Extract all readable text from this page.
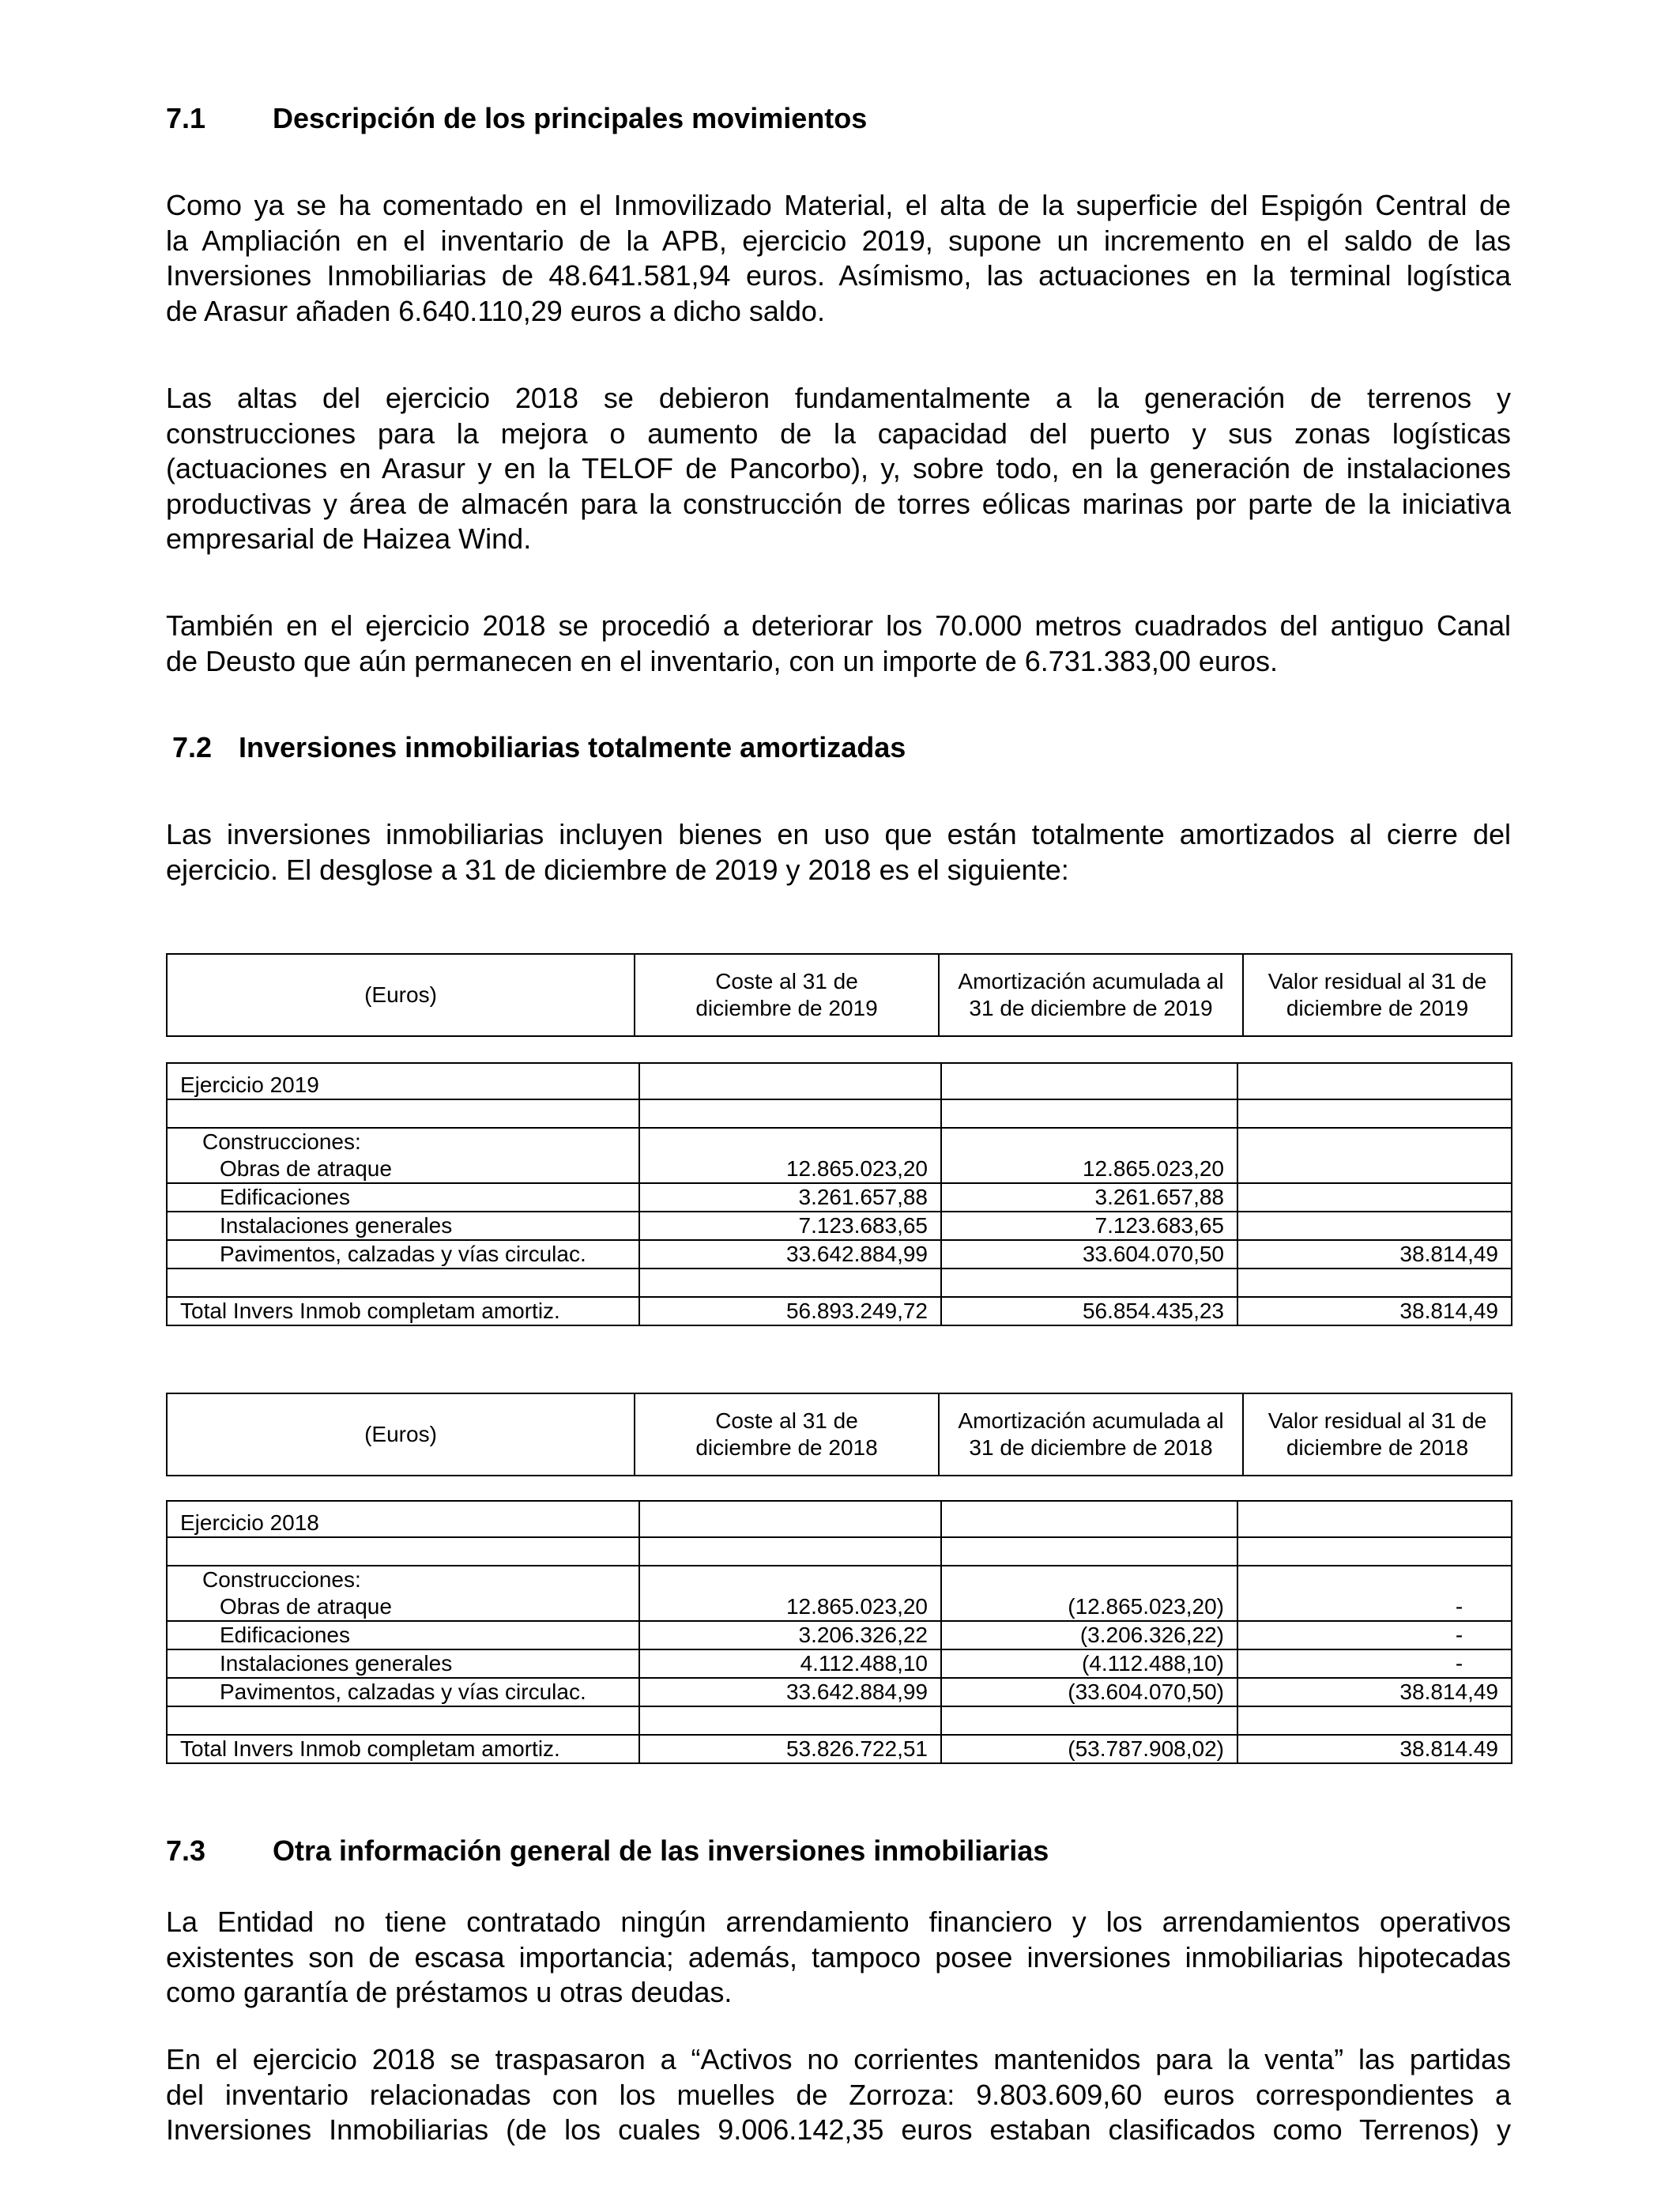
7.1 Descripción de los principales movimientos

Como ya se ha comentado en el Inmovilizado Material, el alta de la superficie del Espigón Central de
la Ampliación en el inventario de la APB, ejercicio 2019, supone un incremento en el saldo de las
Inversiones Inmobiliarias de 48.641.581,94 euros. Asímismo, las actuaciones en la terminal logística
de Arasur añaden 6.640.110,29 euros a dicho saldo.

Las altas del ejercicio 2018 se debieron fundamentalmente a la generación de terrenos y
construcciones para la mejora o aumento de la capacidad del puerto y sus zonas logísticas
(actuaciones en Arasur y en la TELOF de Pancorbo), y, sobre todo, en la generación de instalaciones
productivas y área de almacén para la construcción de torres eólicas marinas por parte de la iniciativa
empresarial de Haizea Wind.

También en el ejercicio 2018 se procedió a deteriorar los 70.000 metros cuadrados del antiguo Canal
de Deusto que aún permanecen en el inventario, con un importe de 6.731.383,00 euros.

7.2 Inversiones inmobiliarias totalmente amortizadas

Las inversiones inmobiliarias incluyen bienes en uso que están totalmente amortizados al cierre del
ejercicio. El desglose a 31 de diciembre de 2019 y 2018 es el siguiente:

(Euros)	Coste al 31 de diciembre de 2019	Amortización acumulada al 31 de diciembre de 2019	Valor residual al 31 de diciembre de 2019
Ejercicio 2019			

Construcciones:			
Obras de atraque	12.865.023,20	12.865.023,20	
Edificaciones	3.261.657,88	3.261.657,88	
Instalaciones generales	7.123.683,65	7.123.683,65	
Pavimentos, calzadas y vías circulac.	33.642.884,99	33.604.070,50	38.814,49

Total Invers Inmob completam amortiz.	56.893.249,72	56.854.435,23	38.814,49
(Euros)	Coste al 31 de diciembre de 2018	Amortización acumulada al 31 de diciembre de 2018	Valor residual al 31 de diciembre de 2018
Ejercicio 2018			

Construcciones:			
Obras de atraque	12.865.023,20	(12.865.023,20)	-
Edificaciones	3.206.326,22	(3.206.326,22)	-
Instalaciones generales	4.112.488,10	(4.112.488,10)	-
Pavimentos, calzadas y vías circulac.	33.642.884,99	(33.604.070,50)	38.814,49

Total Invers Inmob completam amortiz.	53.826.722,51	(53.787.908,02)	38.814.49
7.3 Otra información general de las inversiones inmobiliarias

La Entidad no tiene contratado ningún arrendamiento financiero y los arrendamientos operativos
existentes son de escasa importancia; además, tampoco posee inversiones inmobiliarias hipotecadas
como garantía de préstamos u otras deudas.

En el ejercicio 2018 se traspasaron a “Activos no corrientes mantenidos para la venta” las partidas
del inventario relacionadas con los muelles de Zorroza: 9.803.609,60 euros correspondientes a
Inversiones Inmobiliarias (de los cuales 9.006.142,35 euros estaban clasificados como Terrenos) y
